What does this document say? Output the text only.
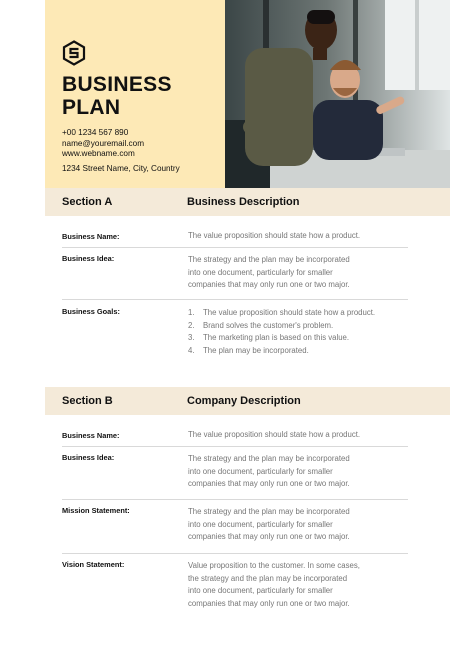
BUSINESS
PLAN
+00 1234 567 890
name@youremail.com
www.webname.com
1234 Street Name, City, Country
Section A	Business Description
Business Name:	The value proposition should state how a product.
Business Idea:	The strategy and the plan may be incorporated
into one document, particularly for smaller
companies that may only run one or two major.
Business Goals:	1.	The value proposition should state how a product.
2.	Brand solves the customer's problem.
3.	The marketing plan is based on this value.
4.	The plan may be incorporated.
Section B	Company Description
Business Name:	The value proposition should state how a product.
Business Idea:	The strategy and the plan may be incorporated
into one document, particularly for smaller
companies that may only run one or two major.
Mission Statement:	The strategy and the plan may be incorporated
into one document, particularly for smaller
companies that may only run one or two major.
Vision Statement:	Value proposition to the customer. In some cases,
the strategy and the plan may be incorporated
into one document, particularly for smaller
companies that may only run one or two major.
